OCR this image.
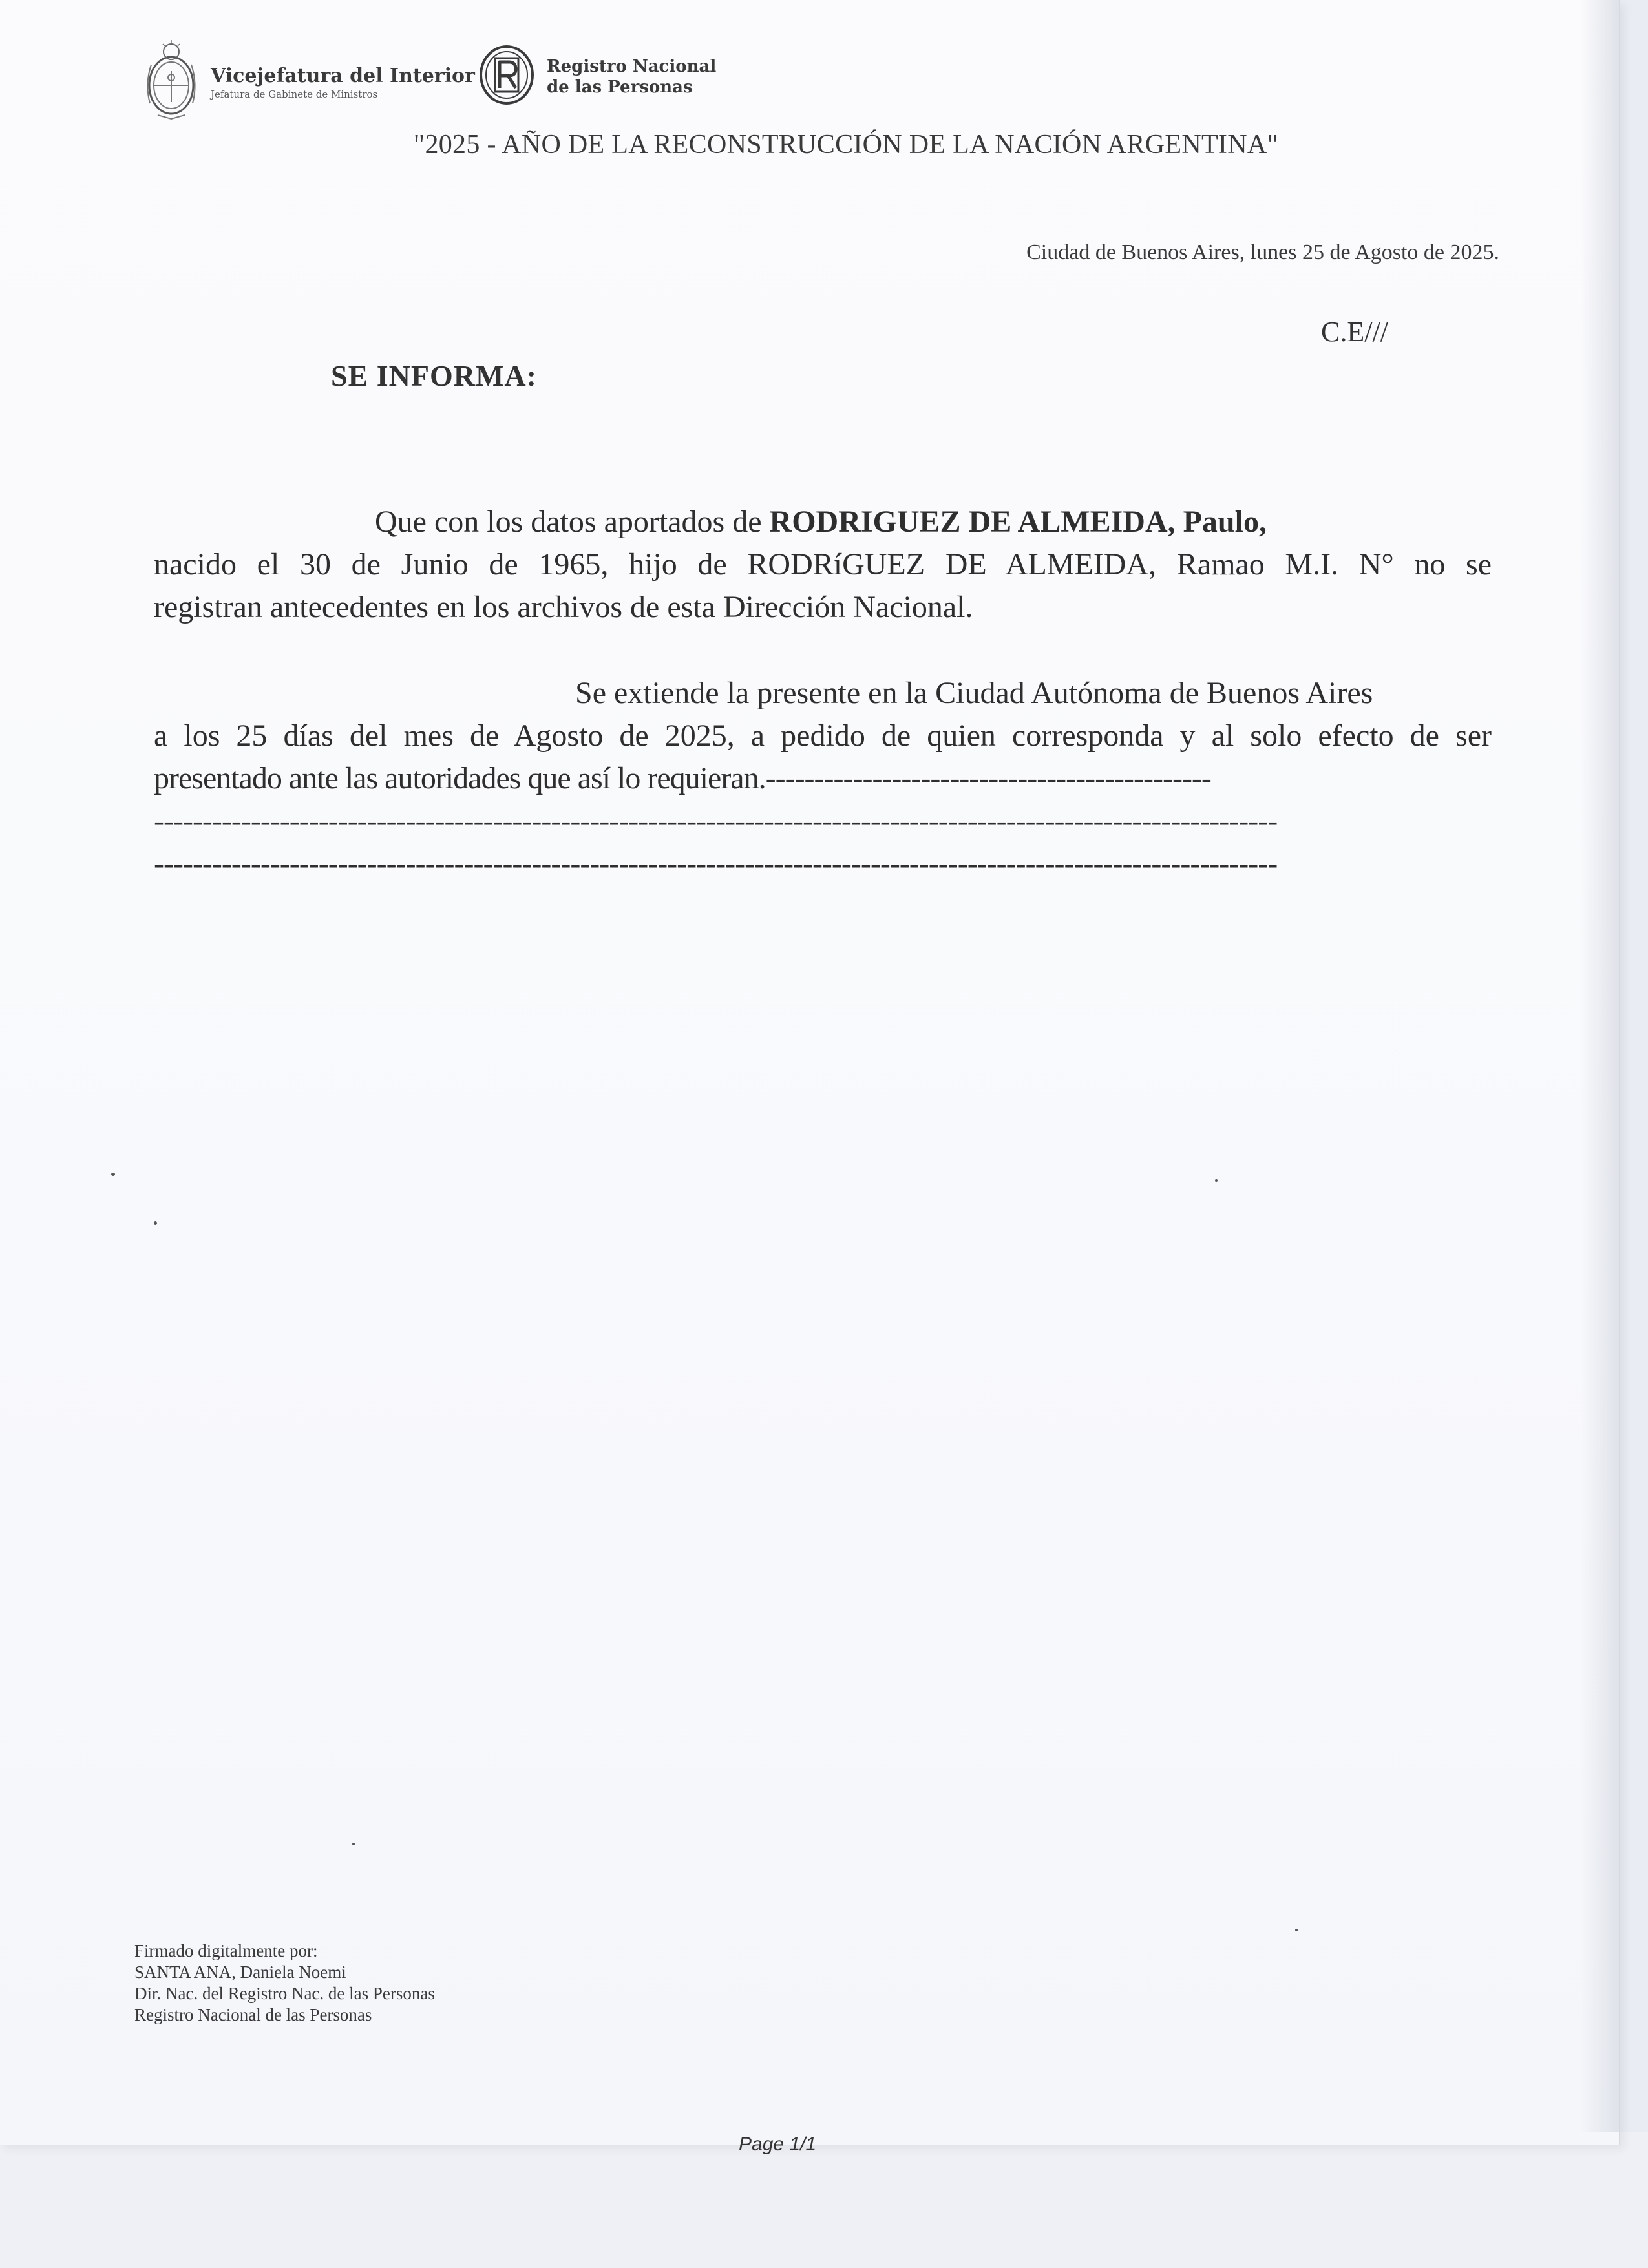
Vicejefatura del Interior
Jefatura de Gabinete de Ministros
Registro Nacional
de las Personas
"2025 - AÑO DE LA RECONSTRUCCIÓN DE LA NACIÓN ARGENTINA"
Ciudad de Buenos Aires, lunes 25 de Agosto de 2025.
C.E///
SE INFORMA:
Que con los datos aportados de RODRIGUEZ DE ALMEIDA, Paulo,
nacido el 30 de Junio de 1965, hijo de RODRíGUEZ DE ALMEIDA, Ramao M.I. N° no se
registran antecedentes en los archivos de esta Dirección Nacional.
Se extiende la presente en la Ciudad Autónoma de Buenos Aires
a los 25 días del mes de Agosto de 2025, a pedido de quien corresponda y al solo efecto de ser
presentado ante las autoridades que así lo requieran.----------------------------------------------
--------------------------------------------------------------------------------------------------------------------
--------------------------------------------------------------------------------------------------------------------
Firmado digitalmente por:
SANTA ANA, Daniela Noemi
Dir. Nac. del Registro Nac. de las Personas
Registro Nacional de las Personas
Page 1/1
